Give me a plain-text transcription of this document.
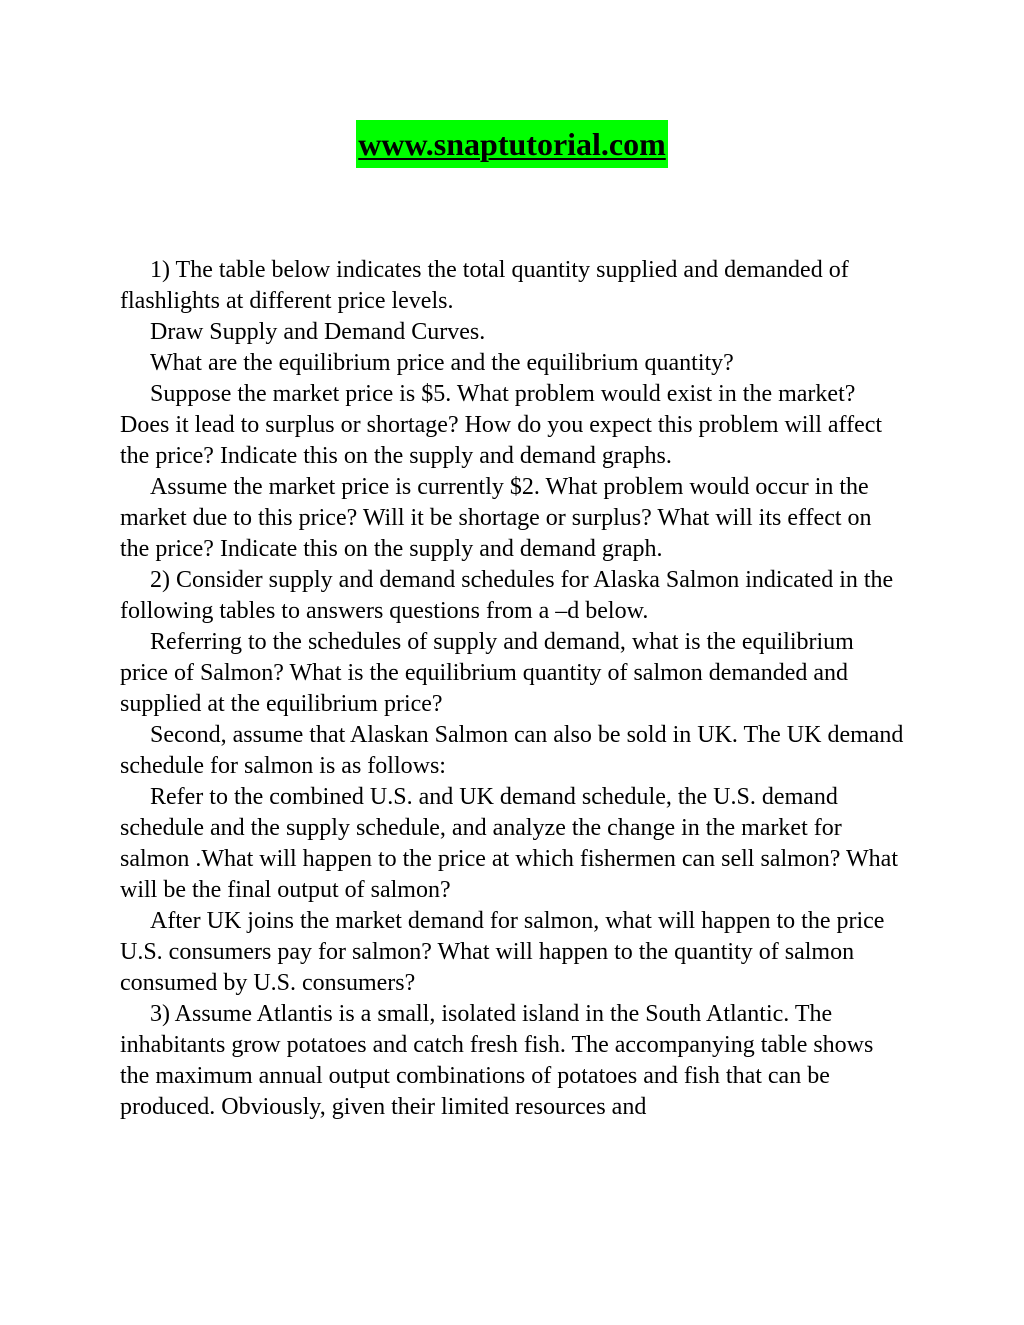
www.snaptutorial.com

1) The table below indicates the total quantity supplied and demanded of flashlights at different price levels.

Draw Supply and Demand Curves.

What are the equilibrium price and the equilibrium quantity?

Suppose the market price is $5. What problem would exist in the market? Does it lead to surplus or shortage? How do you expect this problem will affect the price? Indicate this on the supply and demand graphs.

Assume the market price is currently $2. What problem would occur in the market due to this price? Will it be shortage or surplus? What will its effect on the price? Indicate this on the supply and demand graph.

2) Consider supply and demand schedules for Alaska Salmon indicated in the following tables to answers questions from a –d below.

Referring to the schedules of supply and demand, what is the equilibrium price of Salmon? What is the equilibrium quantity of salmon demanded and supplied at the equilibrium price?

Second, assume that Alaskan Salmon can also be sold in UK. The UK demand schedule for salmon is as follows:

Refer to the combined U.S. and UK demand schedule, the U.S. demand schedule and the supply schedule, and analyze the change in the market for salmon .What will happen to the price at which fishermen can sell salmon? What will be the final output of salmon?

After UK joins the market demand for salmon, what will happen to the price U.S. consumers pay for salmon? What will happen to the quantity of salmon consumed by U.S. consumers?

3) Assume Atlantis is a small, isolated island in the South Atlantic. The inhabitants grow potatoes and catch fresh fish. The accompanying table shows the maximum annual output combinations of potatoes and fish that can be produced. Obviously, given their limited resources and
